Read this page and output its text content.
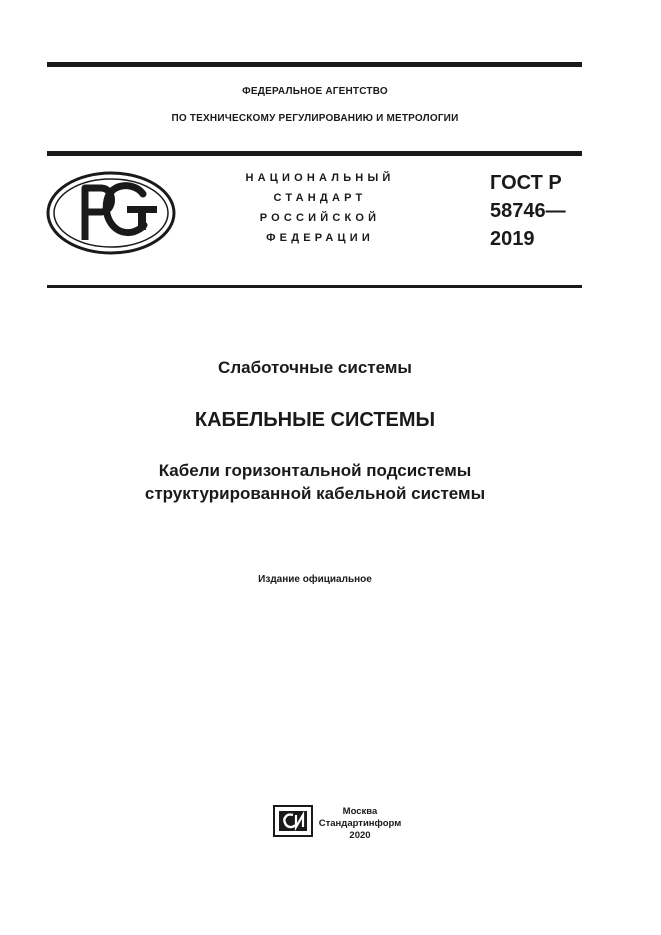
ФЕДЕРАЛЬНОЕ АГЕНТСТВО
ПО ТЕХНИЧЕСКОМУ РЕГУЛИРОВАНИЮ И МЕТРОЛОГИИ
НАЦИОНАЛЬНЫЙ
СТАНДАРТ
РОССИЙСКОЙ
ФЕДЕРАЦИИ
ГОСТ Р
58746—
2019
Слаботочные системы
КАБЕЛЬНЫЕ СИСТЕМЫ
Кабели горизонтальной подсистемы
структурированной кабельной системы
Издание официальное
Москва
Стандартинформ
2020
